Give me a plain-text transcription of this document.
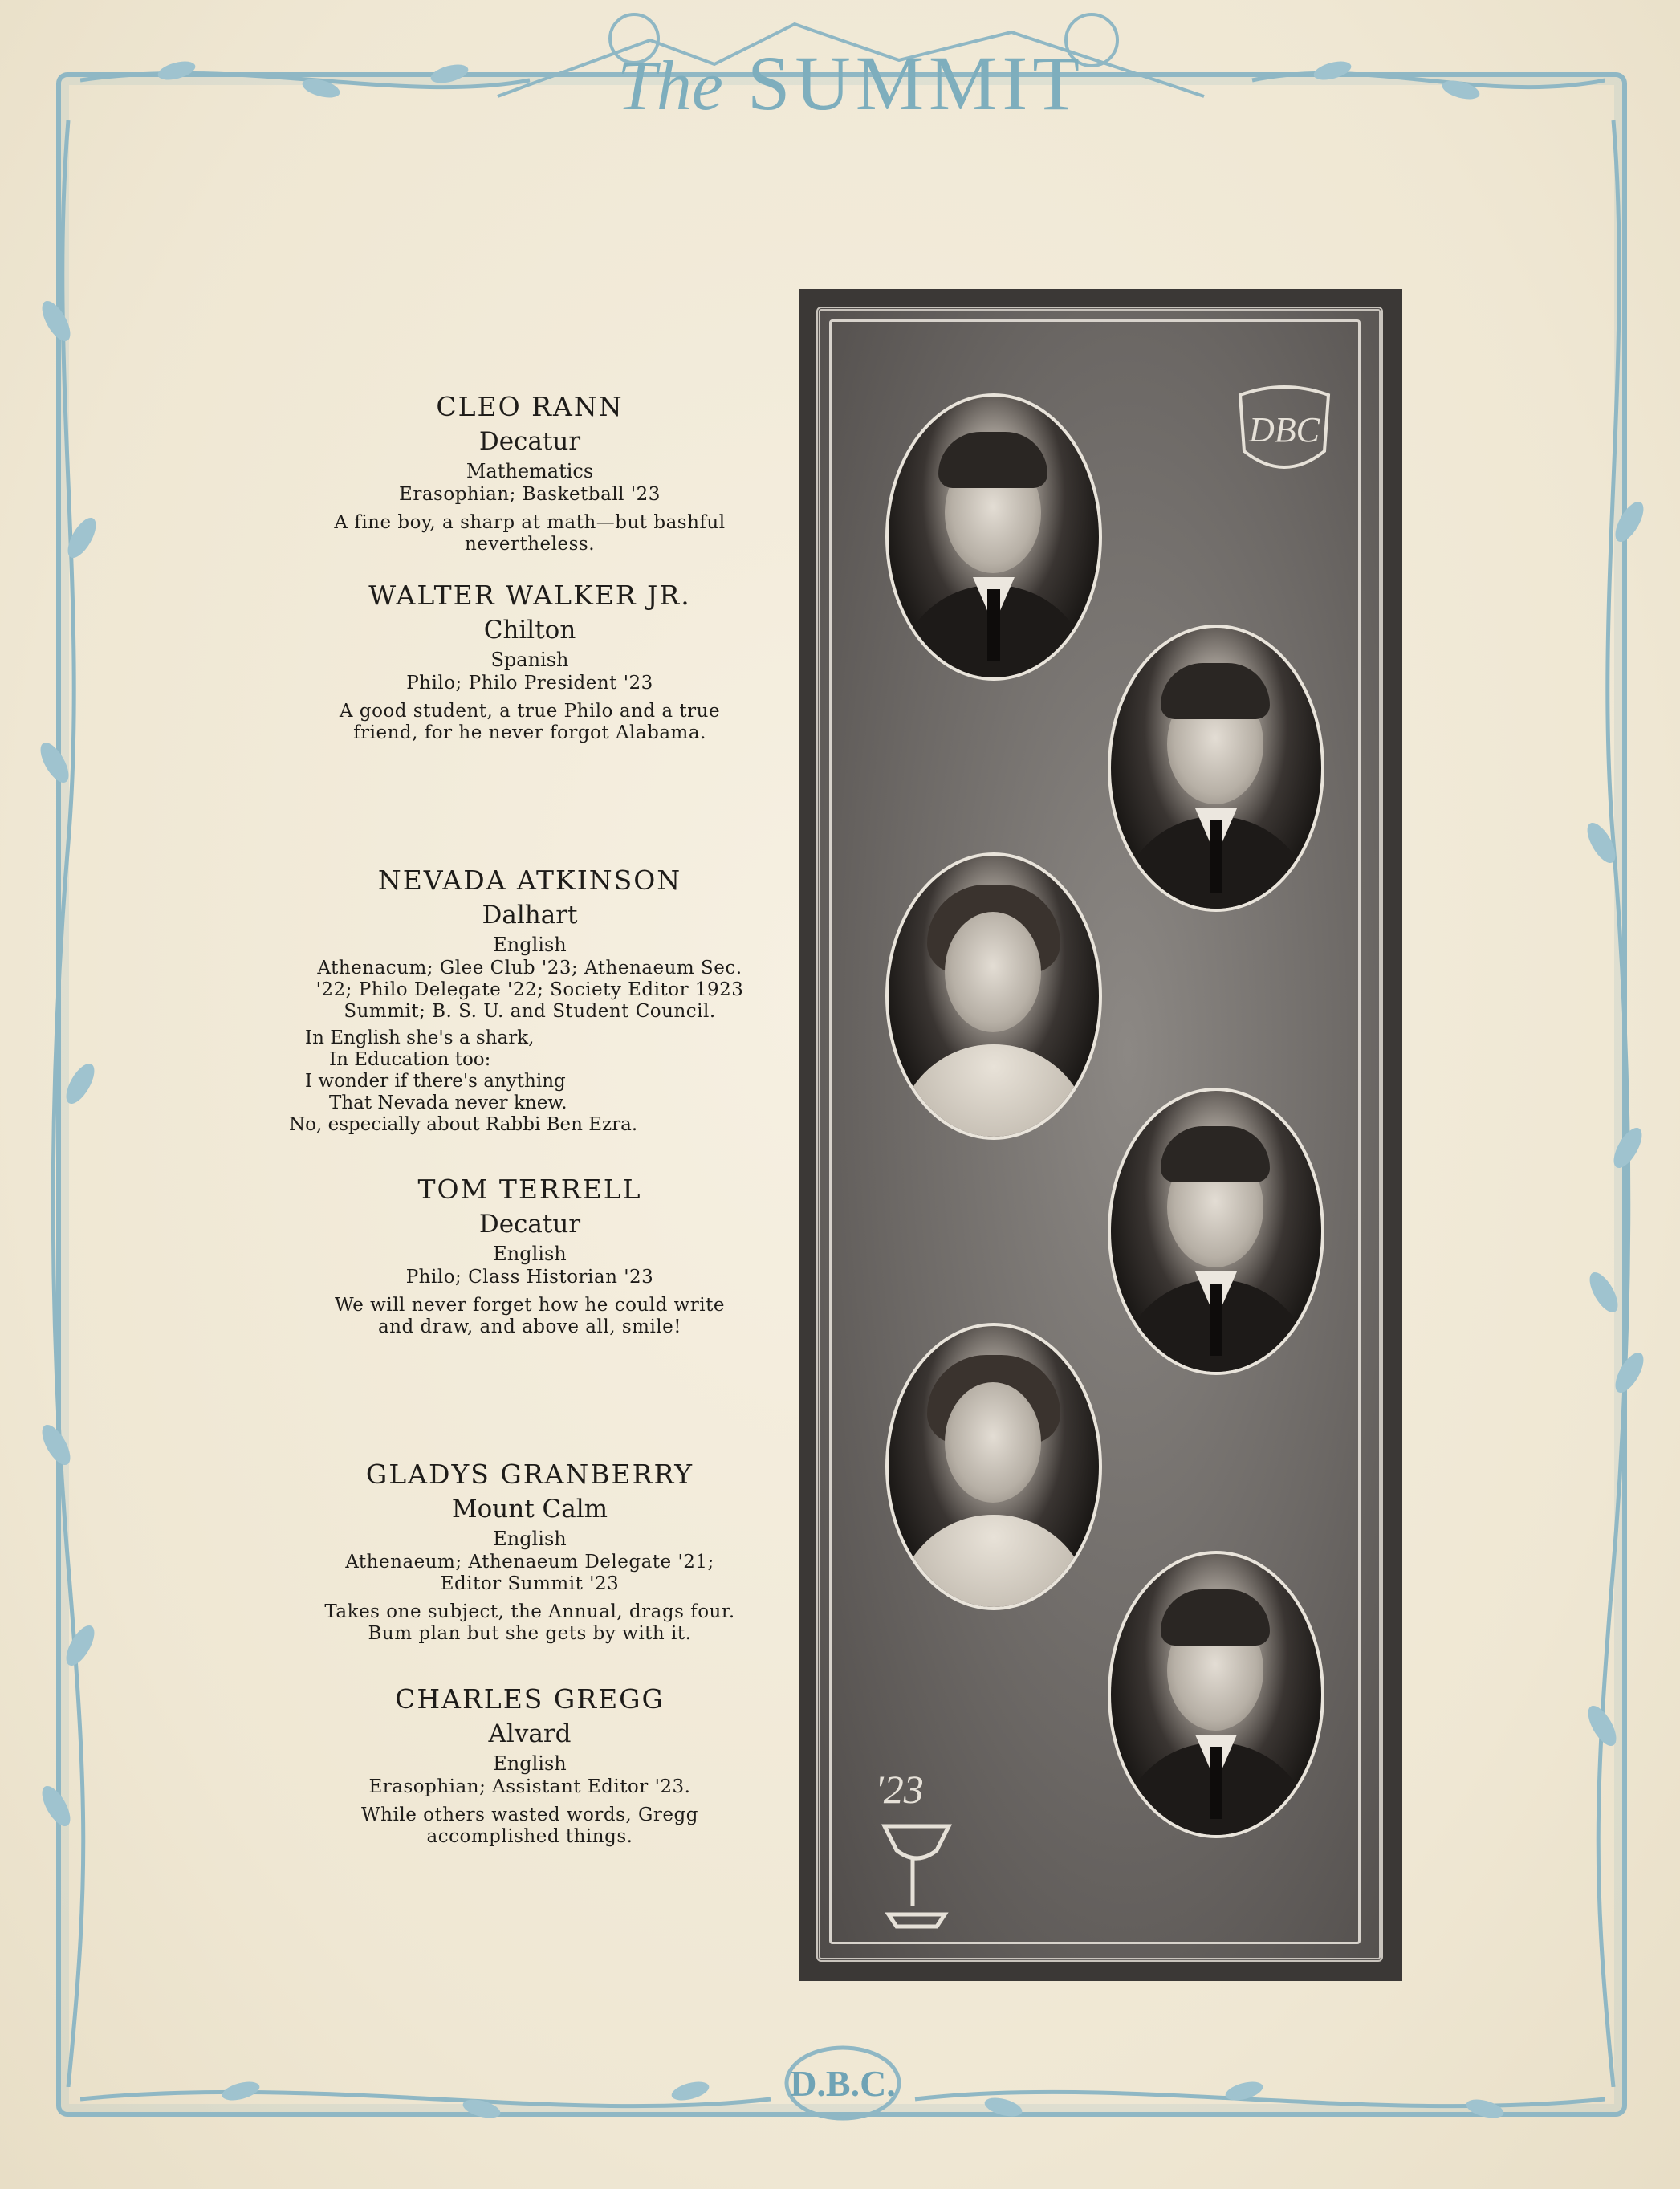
The SUMMIT
D.B.C.
CLEO RANN
Decatur
Mathematics
Erasophian; Basketball '23
A fine boy, a sharp at math—but bashful
nevertheless.
WALTER WALKER JR.
Chilton
Spanish
Philo; Philo President '23
A good student, a true Philo and a true
friend, for he never forgot Alabama.
NEVADA ATKINSON
Dalhart
English
Athenacum; Glee Club '23; Athenaeum Sec.
'22; Philo Delegate '22; Society Editor 1923
Summit; B. S. U. and Student Council.
In English she's a shark,
In Education too:
I wonder if there's anything
That Nevada never knew.
No, especially about Rabbi Ben Ezra.
TOM TERRELL
Decatur
English
Philo; Class Historian '23
We will never forget how he could write
and draw, and above all, smile!
GLADYS GRANBERRY
Mount Calm
English
Athenaeum; Athenaeum Delegate '21;
Editor Summit '23
Takes one subject, the Annual, drags four.
Bum plan but she gets by with it.
CHARLES GREGG
Alvard
English
Erasophian; Assistant Editor '23.
While others wasted words, Gregg
accomplished things.
DBC
'23
